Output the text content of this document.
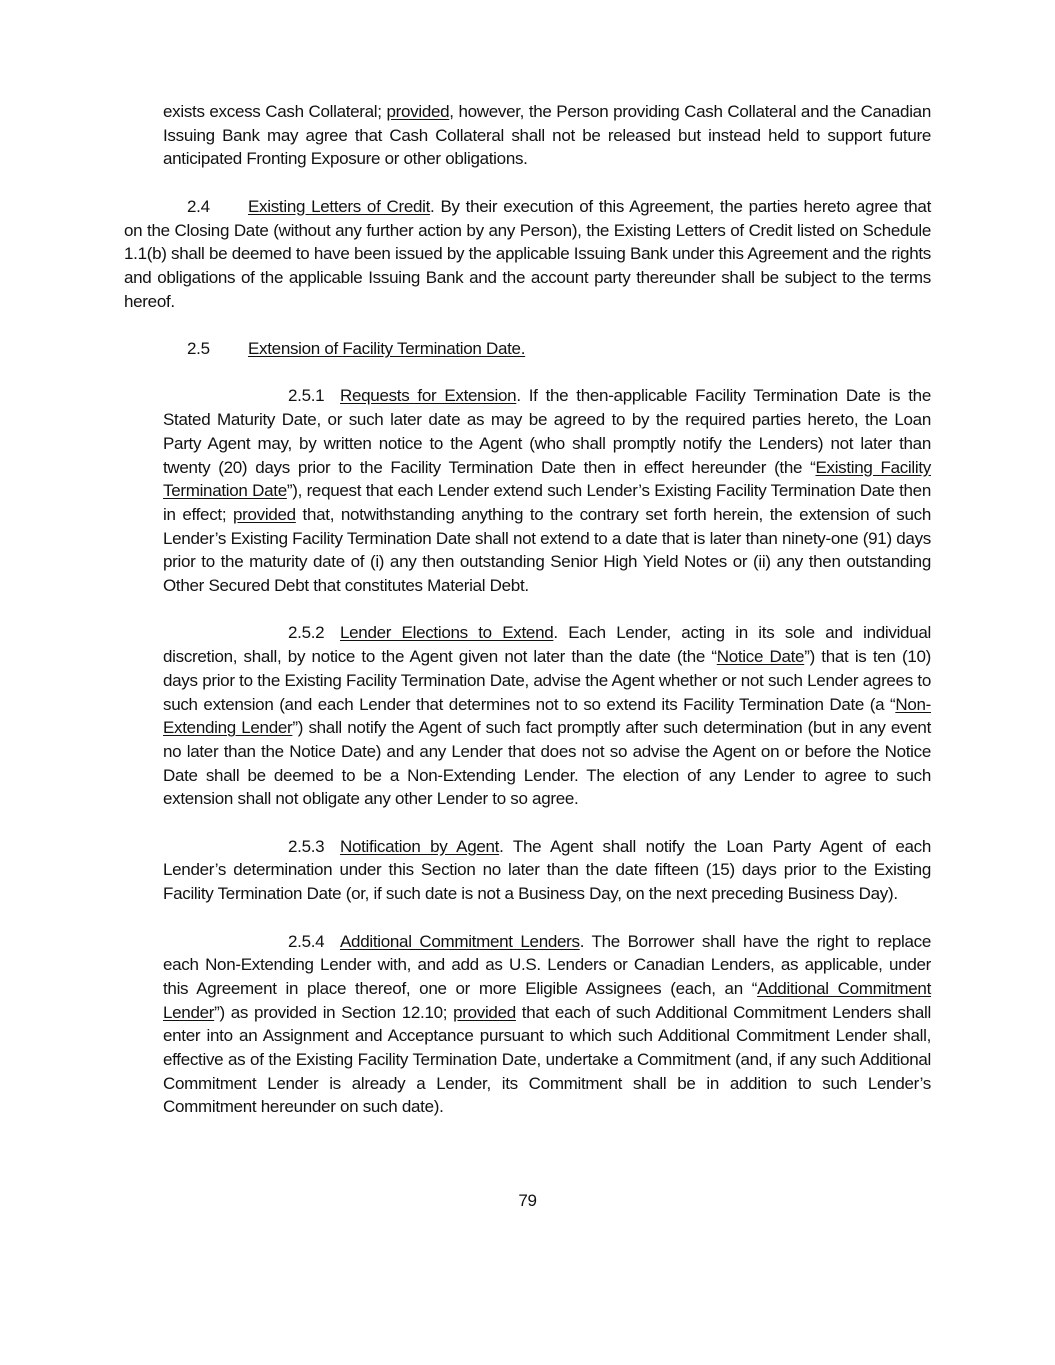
exists excess Cash Collateral; provided, however, the Person providing Cash Collateral and the Canadian Issuing Bank may agree that Cash Collateral shall not be released but instead held to support future anticipated Fronting Exposure or other obligations.
2.4 Existing Letters of Credit. By their execution of this Agreement, the parties hereto agree that on the Closing Date (without any further action by any Person), the Existing Letters of Credit listed on Schedule 1.1(b) shall be deemed to have been issued by the applicable Issuing Bank under this Agreement and the rights and obligations of the applicable Issuing Bank and the account party thereunder shall be subject to the terms hereof.
2.5 Extension of Facility Termination Date.
2.5.1 Requests for Extension. If the then-applicable Facility Termination Date is the Stated Maturity Date, or such later date as may be agreed to by the required parties hereto, the Loan Party Agent may, by written notice to the Agent (who shall promptly notify the Lenders) not later than twenty (20) days prior to the Facility Termination Date then in effect hereunder (the “Existing Facility Termination Date”), request that each Lender extend such Lender’s Existing Facility Termination Date then in effect; provided that, notwithstanding anything to the contrary set forth herein, the extension of such Lender’s Existing Facility Termination Date shall not extend to a date that is later than ninety-one (91) days prior to the maturity date of (i) any then outstanding Senior High Yield Notes or (ii) any then outstanding Other Secured Debt that constitutes Material Debt.
2.5.2 Lender Elections to Extend. Each Lender, acting in its sole and individual discretion, shall, by notice to the Agent given not later than the date (the “Notice Date”) that is ten (10) days prior to the Existing Facility Termination Date, advise the Agent whether or not such Lender agrees to such extension (and each Lender that determines not to so extend its Facility Termination Date (a “Non-Extending Lender”) shall notify the Agent of such fact promptly after such determination (but in any event no later than the Notice Date) and any Lender that does not so advise the Agent on or before the Notice Date shall be deemed to be a Non-Extending Lender. The election of any Lender to agree to such extension shall not obligate any other Lender to so agree.
2.5.3 Notification by Agent. The Agent shall notify the Loan Party Agent of each Lender’s determination under this Section no later than the date fifteen (15) days prior to the Existing Facility Termination Date (or, if such date is not a Business Day, on the next preceding Business Day).
2.5.4 Additional Commitment Lenders. The Borrower shall have the right to replace each Non-Extending Lender with, and add as U.S. Lenders or Canadian Lenders, as applicable, under this Agreement in place thereof, one or more Eligible Assignees (each, an “Additional Commitment Lender”) as provided in Section 12.10; provided that each of such Additional Commitment Lenders shall enter into an Assignment and Acceptance pursuant to which such Additional Commitment Lender shall, effective as of the Existing Facility Termination Date, undertake a Commitment (and, if any such Additional Commitment Lender is already a Lender, its Commitment shall be in addition to such Lender’s Commitment hereunder on such date).
79
